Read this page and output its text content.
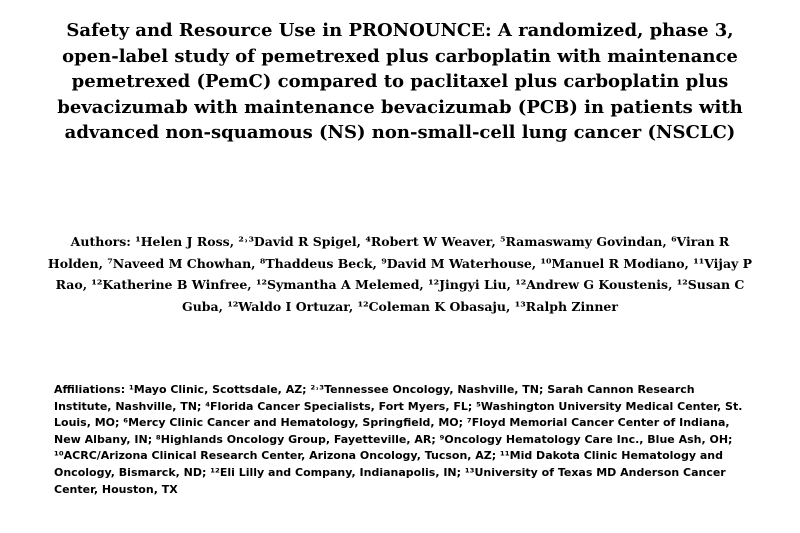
Safety and Resource Use in PRONOUNCE: A randomized, phase 3, open-label study of pemetrexed plus carboplatin with maintenance pemetrexed (PemC) compared to paclitaxel plus carboplatin plus bevacizumab with maintenance bevacizumab (PCB) in patients with advanced non-squamous (NS) non-small-cell lung cancer (NSCLC)

Authors: ¹Helen J Ross, ²˒³David R Spigel, ⁴Robert W Weaver, ⁵Ramaswamy Govindan, ⁶Viran R Holden, ⁷Naveed M Chowhan, ⁸Thaddeus Beck, ⁹David M Waterhouse, ¹⁰Manuel R Modiano, ¹¹Vijay P Rao, ¹²Katherine B Winfree, ¹²Symantha A Melemed, ¹²Jingyi Liu, ¹²Andrew G Koustenis, ¹²Susan C Guba, ¹²Waldo I Ortuzar, ¹²Coleman K Obasaju, ¹³Ralph Zinner

Affiliations: ¹Mayo Clinic, Scottsdale, AZ; ²˒³Tennessee Oncology, Nashville, TN; Sarah Cannon Research Institute, Nashville, TN; ⁴Florida Cancer Specialists, Fort Myers, FL; ⁵Washington University Medical Center, St. Louis, MO; ⁶Mercy Clinic Cancer and Hematology, Springfield, MO; ⁷Floyd Memorial Cancer Center of Indiana, New Albany, IN; ⁸Highlands Oncology Group, Fayetteville, AR; ⁹Oncology Hematology Care Inc., Blue Ash, OH; ¹⁰ACRC/Arizona Clinical Research Center, Arizona Oncology, Tucson, AZ; ¹¹Mid Dakota Clinic Hematology and Oncology, Bismarck, ND; ¹²Eli Lilly and Company, Indianapolis, IN; ¹³University of Texas MD Anderson Cancer Center, Houston, TX
